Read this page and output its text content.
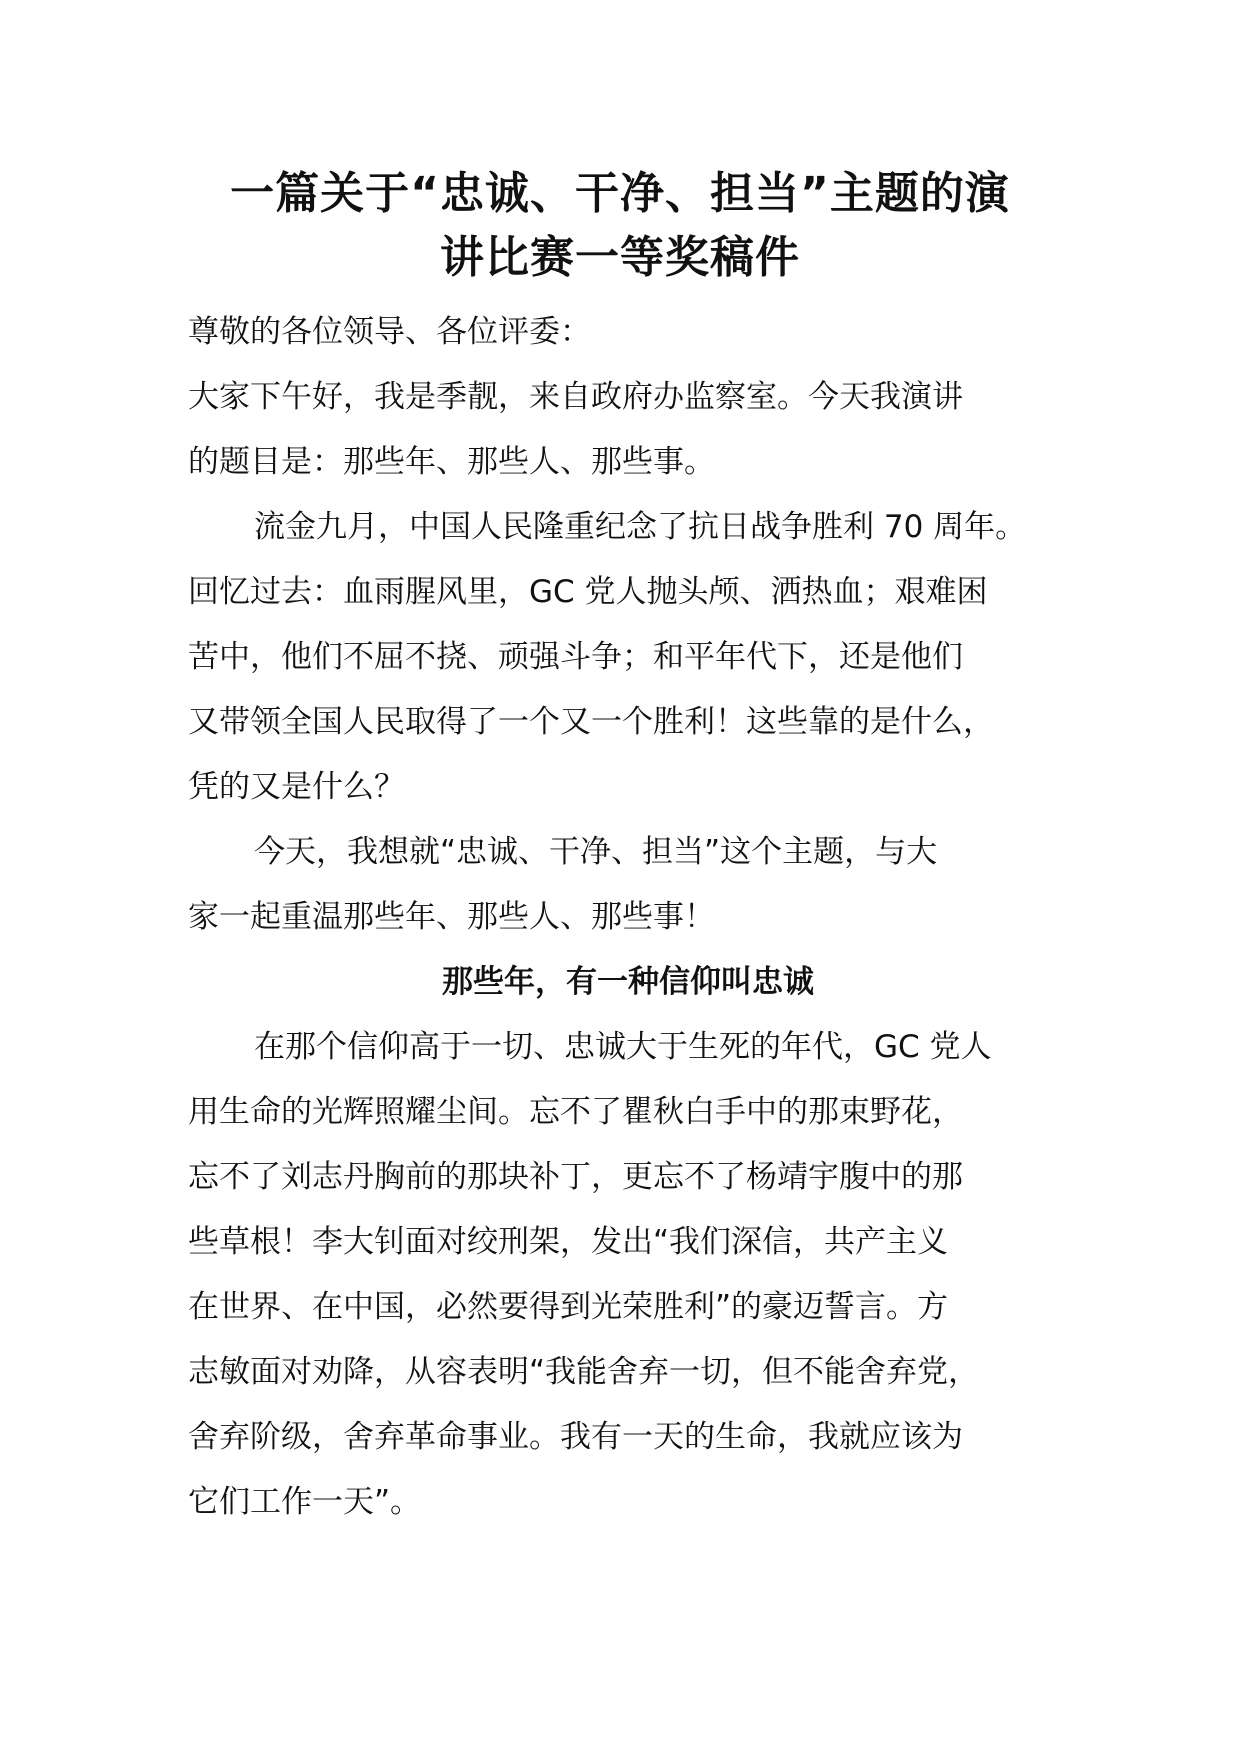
一篇关于“忠诚、干净、担当”主题的演
讲比赛一等奖稿件
尊敬的各位领导、各位评委：
大家下午好，我是季靓，来自政府办监察室。今天我演讲
的题目是：那些年、那些人、那些事。
流金九月，中国人民隆重纪念了抗日战争胜利 70 周年。
回忆过去：血雨腥风里，GC 党人抛头颅、洒热血；艰难困
苦中，他们不屈不挠、顽强斗争；和平年代下，还是他们
又带领全国人民取得了一个又一个胜利！这些靠的是什么，
凭的又是什么？
今天，我想就“忠诚、干净、担当”这个主题，与大
家一起重温那些年、那些人、那些事！
那些年，有一种信仰叫忠诚
在那个信仰高于一切、忠诚大于生死的年代，GC 党人
用生命的光辉照耀尘间。忘不了瞿秋白手中的那束野花，
忘不了刘志丹胸前的那块补丁，更忘不了杨靖宇腹中的那
些草根！李大钊面对绞刑架，发出“我们深信，共产主义
在世界、在中国，必然要得到光荣胜利”的豪迈誓言。方
志敏面对劝降，从容表明“我能舍弃一切，但不能舍弃党，
舍弃阶级，舍弃革命事业。我有一天的生命，我就应该为
它们工作一天”。
